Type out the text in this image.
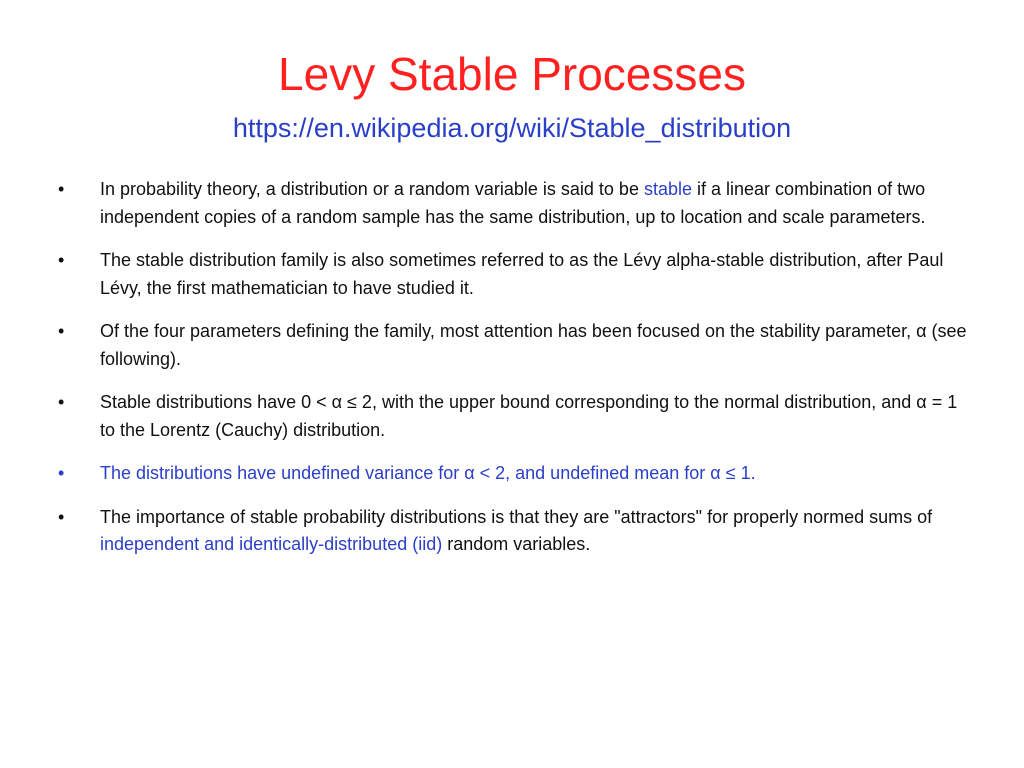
Levy Stable Processes
https://en.wikipedia.org/wiki/Stable_distribution
•	In probability theory, a distribution or a random variable is said to be stable if a linear combination of two independent copies of a random sample has the same distribution, up to location and scale parameters.
•	The stable distribution family is also sometimes referred to as the Lévy alpha-stable distribution, after Paul Lévy, the first mathematician to have studied it.
•	Of the four parameters defining the family, most attention has been focused on the stability parameter, α (see following).
•	Stable distributions have 0 < α ≤ 2, with the upper bound corresponding to the normal distribution, and α = 1 to the Lorentz (Cauchy) distribution.
•	The distributions have undefined variance for α < 2, and undefined mean for α ≤ 1.
•	The importance of stable probability distributions is that they are "attractors" for properly normed sums of independent and identically-distributed (iid) random variables.
